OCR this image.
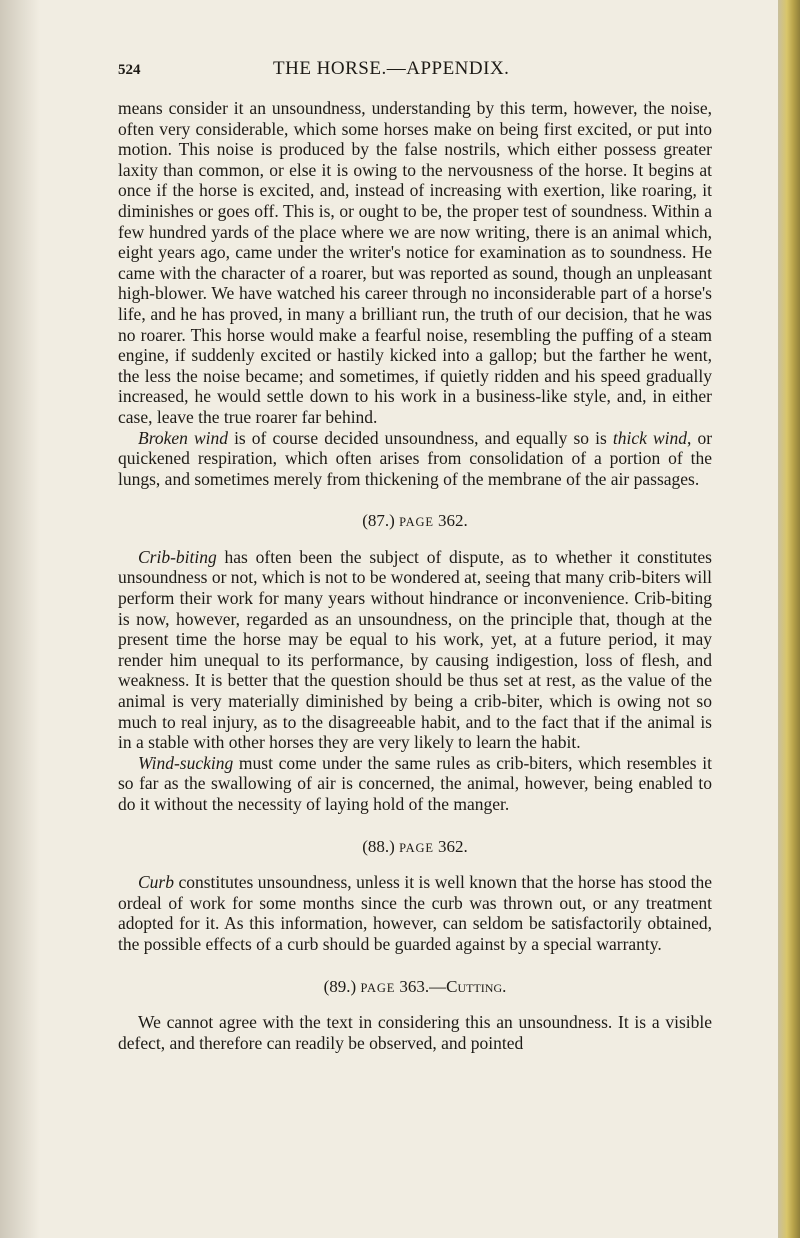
524	THE HORSE.—APPENDIX.

means consider it an unsoundness, understanding by this term, however, the noise, often very considerable, which some horses make on being first excited, or put into motion. This noise is produced by the false nostrils, which either possess greater laxity than common, or else it is owing to the nervousness of the horse. It begins at once if the horse is excited, and, instead of increasing with exertion, like roaring, it diminishes or goes off. This is, or ought to be, the proper test of soundness. Within a few hundred yards of the place where we are now writing, there is an animal which, eight years ago, came under the writer's notice for examination as to soundness. He came with the character of a roarer, but was reported as sound, though an unpleasant high-blower. We have watched his career through no inconsiderable part of a horse's life, and he has proved, in many a brilliant run, the truth of our decision, that he was no roarer. This horse would make a fearful noise, resembling the puffing of a steam engine, if suddenly excited or hastily kicked into a gallop; but the farther he went, the less the noise became; and sometimes, if quietly ridden and his speed gradually increased, he would settle down to his work in a business-like style, and, in either case, leave the true roarer far behind.

Broken wind is of course decided unsoundness, and equally so is thick wind, or quickened respiration, which often arises from consolidation of a portion of the lungs, and sometimes merely from thickening of the membrane of the air passages.

(87.) PAGE 362.

Crib-biting has often been the subject of dispute, as to whether it constitutes unsoundness or not, which is not to be wondered at, seeing that many crib-biters will perform their work for many years without hindrance or inconvenience. Crib-biting is now, however, regarded as an unsoundness, on the principle that, though at the present time the horse may be equal to his work, yet, at a future period, it may render him unequal to its performance, by causing indigestion, loss of flesh, and weakness. It is better that the question should be thus set at rest, as the value of the animal is very materially diminished by being a crib-biter, which is owing not so much to real injury, as to the disagreeable habit, and to the fact that if the animal is in a stable with other horses they are very likely to learn the habit.

Wind-sucking must come under the same rules as crib-biters, which resembles it so far as the swallowing of air is concerned, the animal, however, being enabled to do it without the necessity of laying hold of the manger.

(88.) PAGE 362.

Curb constitutes unsoundness, unless it is well known that the horse has stood the ordeal of work for some months since the curb was thrown out, or any treatment adopted for it. As this information, however, can seldom be satisfactorily obtained, the possible effects of a curb should be guarded against by a special warranty.

(89.) PAGE 363.—Cutting.

We cannot agree with the text in considering this an unsoundness. It is a visible defect, and therefore can readily be observed, and pointed
